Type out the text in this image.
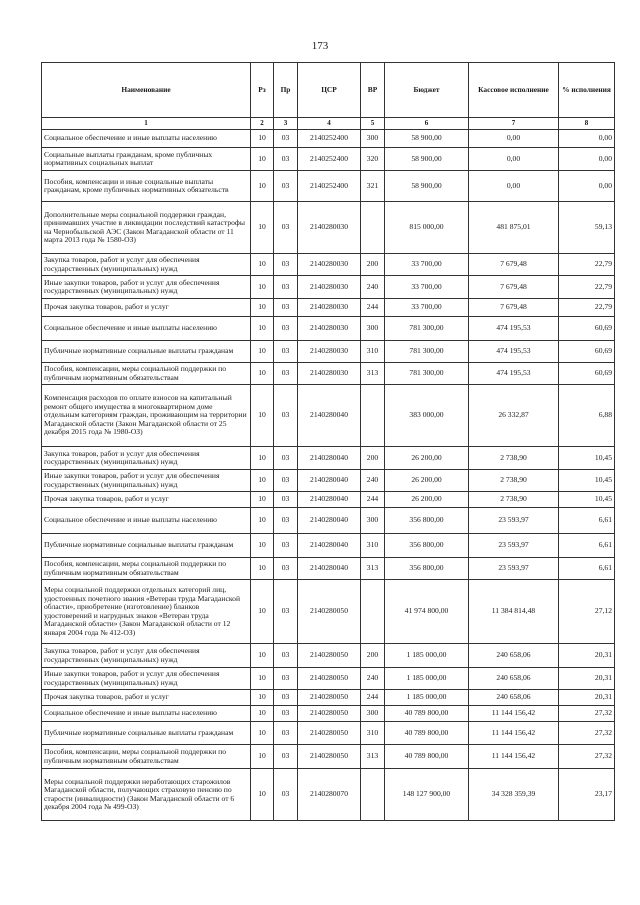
173
Наименование	Рз	Пр	ЦСР	ВР	Бюджет	Кассовое исполнение	% исполнения
1	2	3	4	5	6	7	8
Социальное обеспечение и иные выплаты населению	10	03	2140252400	300	58 900,00	0,00	0,00
Социальные выплаты гражданам, кроме публичных нормативных социальных выплат	10	03	2140252400	320	58 900,00	0,00	0,00
Пособия, компенсации и иные социальные выплаты гражданам, кроме публичных нормативных обязательств	10	03	2140252400	321	58 900,00	0,00	0,00
Дополнительные меры социальной поддержки граждан, принимавших участие в ликвидации последствий катастрофы на Чернобыльской АЭС (Закон Магаданской области от 11 марта 2013 года № 1580-ОЗ)	10	03	2140280030		815 000,00	481 875,01	59,13
Закупка товаров, работ и услуг для обеспечения государственных (муниципальных) нужд	10	03	2140280030	200	33 700,00	7 679,48	22,79
Иные закупки товаров, работ и услуг для обеспечения государственных (муниципальных) нужд	10	03	2140280030	240	33 700,00	7 679,48	22,79
Прочая закупка товаров, работ и услуг	10	03	2140280030	244	33 700,00	7 679,48	22,79
Социальное обеспечение и иные выплаты населению	10	03	2140280030	300	781 300,00	474 195,53	60,69
Публичные нормативные социальные выплаты гражданам	10	03	2140280030	310	781 300,00	474 195,53	60,69
Пособия, компенсации, меры социальной поддержки по публичным нормативным обязательствам	10	03	2140280030	313	781 300,00	474 195,53	60,69
Компенсация расходов по оплате взносов на капитальный ремонт общего имущества в многоквартирном доме отдельным категориям граждан, проживающим на территории Магаданской области (Закон Магаданской области от 25 декабря 2015 года № 1980-ОЗ)	10	03	2140280040		383 000,00	26 332,87	6,88
Закупка товаров, работ и услуг для обеспечения государственных (муниципальных) нужд	10	03	2140280040	200	26 200,00	2 738,90	10,45
Иные закупки товаров, работ и услуг для обеспечения государственных (муниципальных) нужд	10	03	2140280040	240	26 200,00	2 738,90	10,45
Прочая закупка товаров, работ и услуг	10	03	2140280040	244	26 200,00	2 738,90	10,45
Социальное обеспечение и иные выплаты населению	10	03	2140280040	300	356 800,00	23 593,97	6,61
Публичные нормативные социальные выплаты гражданам	10	03	2140280040	310	356 800,00	23 593,97	6,61
Пособия, компенсации, меры социальной поддержки по публичным нормативным обязательствам	10	03	2140280040	313	356 800,00	23 593,97	6,61
Меры социальной поддержки отдельных категорий лиц, удостоенных почетного звания «Ветеран труда Магаданской области», приобретение (изготовление) бланков удостоверений и нагрудных знаков «Ветеран труда Магаданской области» (Закон Магаданской области от 12 января 2004 года № 412-ОЗ)	10	03	2140280050		41 974 800,00	11 384 814,48	27,12
Закупка товаров, работ и услуг для обеспечения государственных (муниципальных) нужд	10	03	2140280050	200	1 185 000,00	240 658,06	20,31
Иные закупки товаров, работ и услуг для обеспечения государственных (муниципальных) нужд	10	03	2140280050	240	1 185 000,00	240 658,06	20,31
Прочая закупка товаров, работ и услуг	10	03	2140280050	244	1 185 000,00	240 658,06	20,31
Социальное обеспечение и иные выплаты населению	10	03	2140280050	300	40 789 800,00	11 144 156,42	27,32
Публичные нормативные социальные выплаты гражданам	10	03	2140280050	310	40 789 800,00	11 144 156,42	27,32
Пособия, компенсации, меры социальной поддержки по публичным нормативным обязательствам	10	03	2140280050	313	40 789 800,00	11 144 156,42	27,32
Меры социальной поддержки неработающих старожилов Магаданской области, получающих страховую пенсию по старости (инвалидности) (Закон Магаданской области от 6 декабря 2004 года № 499-ОЗ)	10	03	2140280070		148 127 900,00	34 328 359,39	23,17
